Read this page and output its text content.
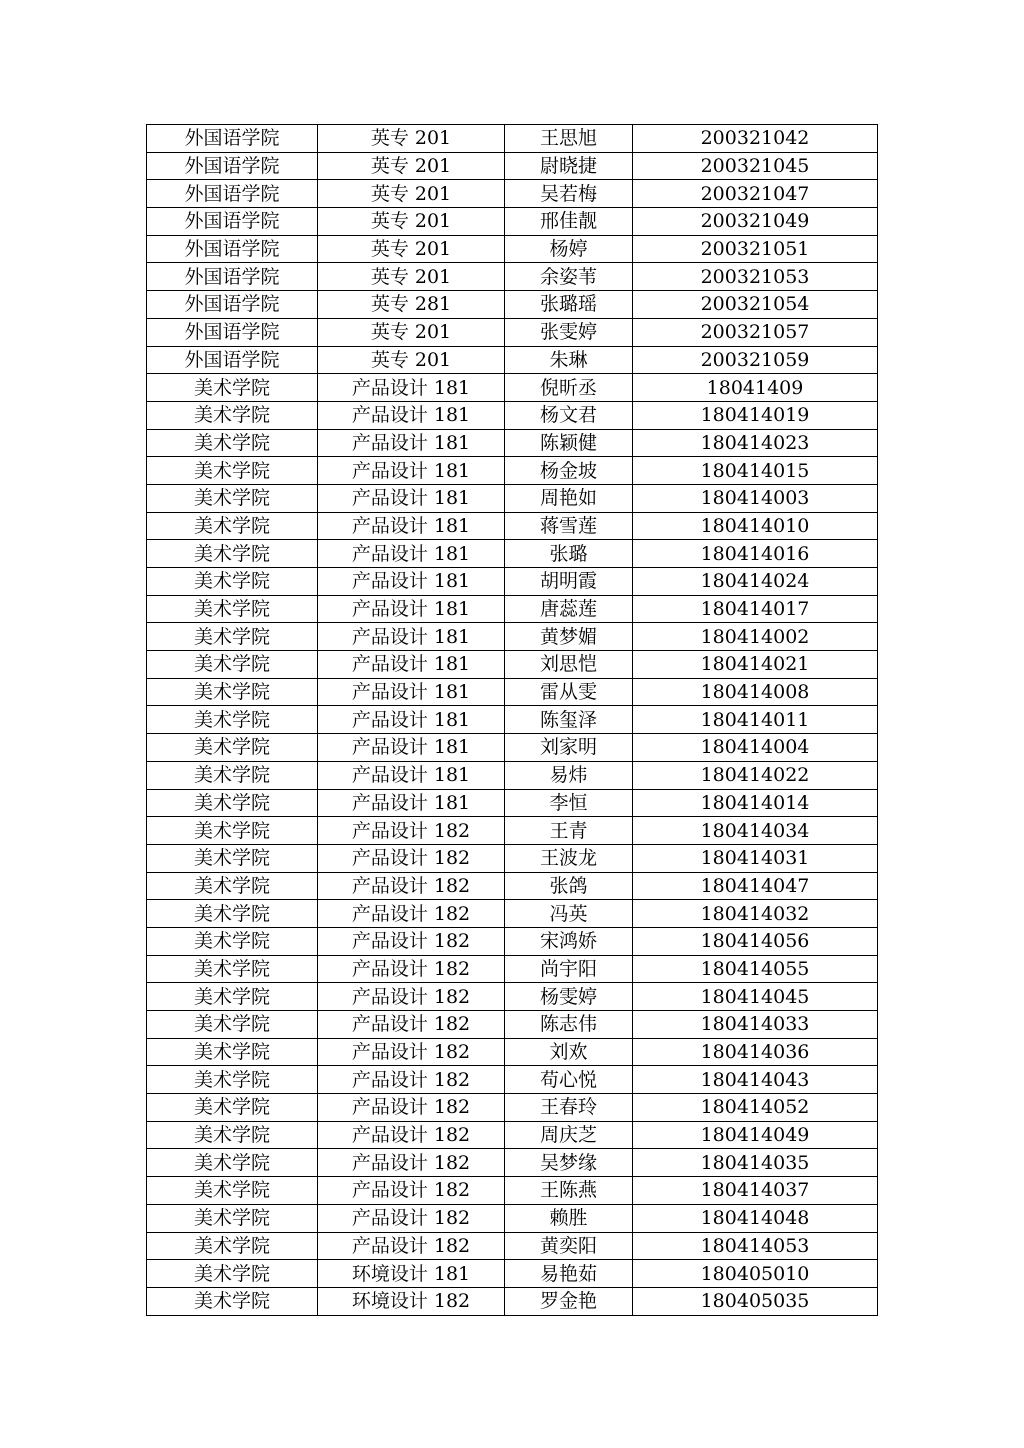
外国语学院	英专 201	王思旭	200321042
外国语学院	英专 201	尉晓捷	200321045
外国语学院	英专 201	吴若梅	200321047
外国语学院	英专 201	邢佳靓	200321049
外国语学院	英专 201	杨婷	200321051
外国语学院	英专 201	余姿苇	200321053
外国语学院	英专 281	张璐瑶	200321054
外国语学院	英专 201	张雯婷	200321057
外国语学院	英专 201	朱琳	200321059
美术学院	产品设计 181	倪昕丞	18041409
美术学院	产品设计 181	杨文君	180414019
美术学院	产品设计 181	陈颖健	180414023
美术学院	产品设计 181	杨金坡	180414015
美术学院	产品设计 181	周艳如	180414003
美术学院	产品设计 181	蒋雪莲	180414010
美术学院	产品设计 181	张璐	180414016
美术学院	产品设计 181	胡明霞	180414024
美术学院	产品设计 181	唐蕊莲	180414017
美术学院	产品设计 181	黄梦媚	180414002
美术学院	产品设计 181	刘思恺	180414021
美术学院	产品设计 181	雷从雯	180414008
美术学院	产品设计 181	陈玺泽	180414011
美术学院	产品设计 181	刘家明	180414004
美术学院	产品设计 181	易炜	180414022
美术学院	产品设计 181	李恒	180414014
美术学院	产品设计 182	王青	180414034
美术学院	产品设计 182	王波龙	180414031
美术学院	产品设计 182	张鸽	180414047
美术学院	产品设计 182	冯英	180414032
美术学院	产品设计 182	宋鸿娇	180414056
美术学院	产品设计 182	尚宇阳	180414055
美术学院	产品设计 182	杨雯婷	180414045
美术学院	产品设计 182	陈志伟	180414033
美术学院	产品设计 182	刘欢	180414036
美术学院	产品设计 182	苟心悦	180414043
美术学院	产品设计 182	王春玲	180414052
美术学院	产品设计 182	周庆芝	180414049
美术学院	产品设计 182	吴梦缘	180414035
美术学院	产品设计 182	王陈燕	180414037
美术学院	产品设计 182	赖胜	180414048
美术学院	产品设计 182	黄奕阳	180414053
美术学院	环境设计 181	易艳茹	180405010
美术学院	环境设计 182	罗金艳	180405035
